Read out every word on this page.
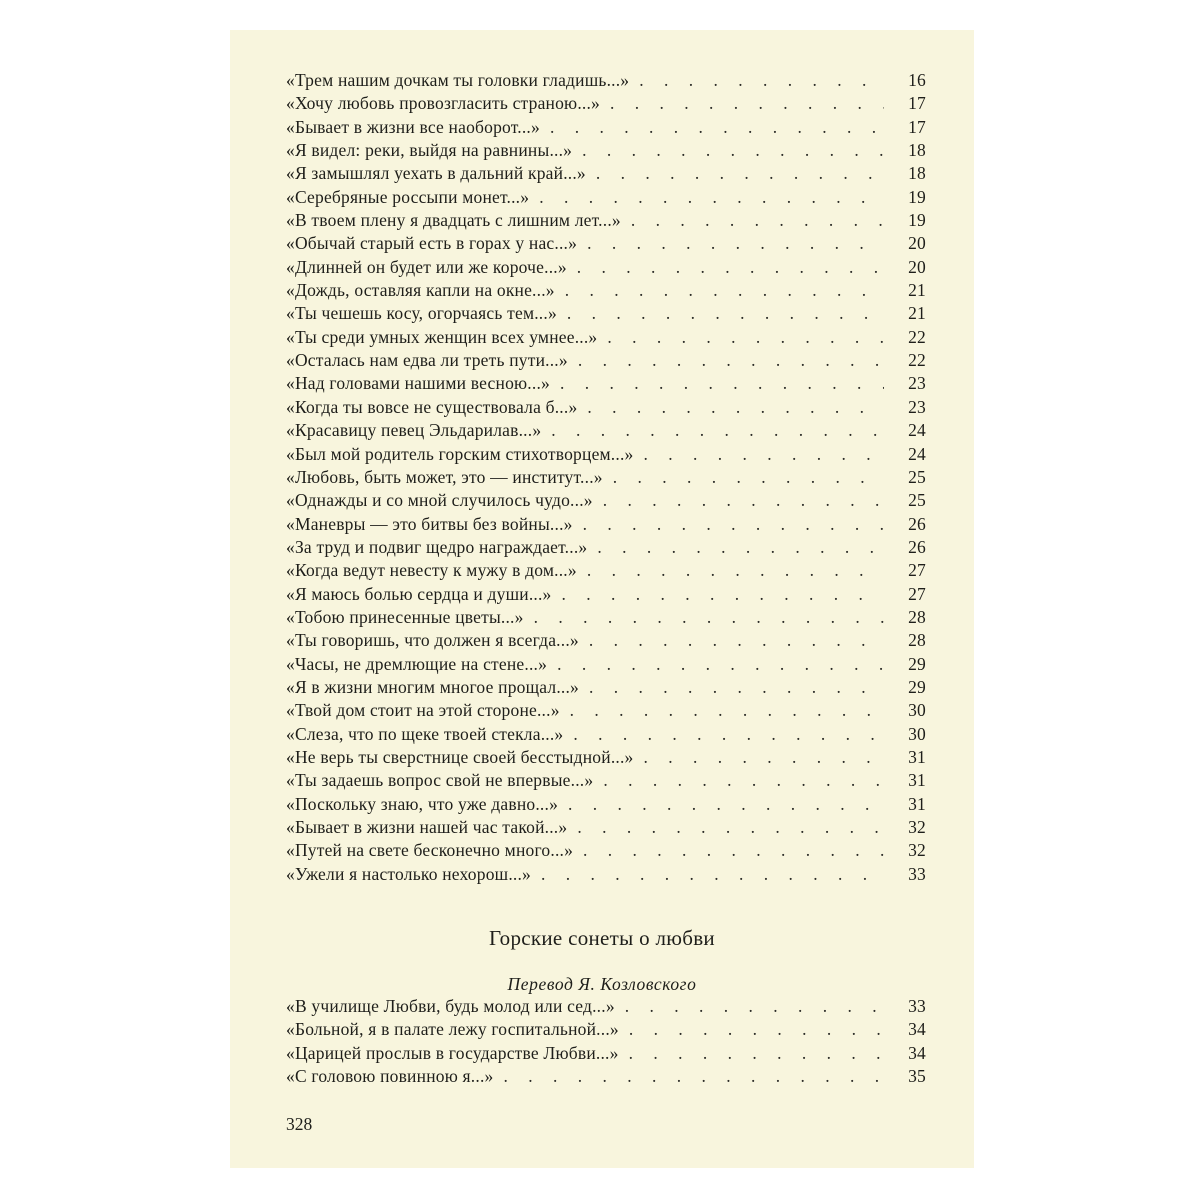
«Трем нашим дочкам ты головки гладишь...» . . .	16
«Хочу любовь провозгласить страною...» . . .	17
«Бывает в жизни все наоборот...» . . .	17
«Я видел: реки, выйдя на равнины...» . . .	18
«Я замышлял уехать в дальний край...» . . .	18
«Серебряные россыпи монет...» . . .	19
«В твоем плену я двадцать с лишним лет...» . . .	19
«Обычай старый есть в горах у нас...» . . .	20
«Длинней он будет или же короче...» . . .	20
«Дождь, оставляя капли на окне...» . . .	21
«Ты чешешь косу, огорчаясь тем...» . . .	21
«Ты среди умных женщин всех умнее...» . . .	22
«Осталась нам едва ли треть пути...» . . .	22
«Над головами нашими весною...» . . .	23
«Когда ты вовсе не существовала б...» . . .	23
«Красавицу певец Эльдарилав...» . . .	24
«Был мой родитель горским стихотворцем...» . . .	24
«Любовь, быть может, это — институт...» . . .	25
«Однажды и со мной случилось чудо...» . . .	25
«Маневры — это битвы без войны...» . . .	26
«За труд и подвиг щедро награждает...» . . .	26
«Когда ведут невесту к мужу в дом...» . . .	27
«Я маюсь болью сердца и души...» . . .	27
«Тобою принесенные цветы...» . . .	28
«Ты говоришь, что должен я всегда...» . . .	28
«Часы, не дремлющие на стене...» . . .	29
«Я в жизни многим многое прощал...» . . .	29
«Твой дом стоит на этой стороне...» . . .	30
«Слеза, что по щеке твоей стекла...» . . .	30
«Не верь ты сверстнице своей бесстыдной...» . . .	31
«Ты задаешь вопрос свой не впервые...» . . .	31
«Поскольку знаю, что уже давно...» . . .	31
«Бывает в жизни нашей час такой...» . . .	32
«Путей на свете бесконечно много...» . . .	32
«Ужели я настолько нехорош...» . . .	33
Горские сонеты о любви
Перевод Я. Козловского
«В училище Любви, будь молод или сед...» . . .	33
«Больной, я в палате лежу госпитальной...» . . .	34
«Царицей прослыв в государстве Любви...» . . .	34
«С головою повинною я...» . . .	35
328
